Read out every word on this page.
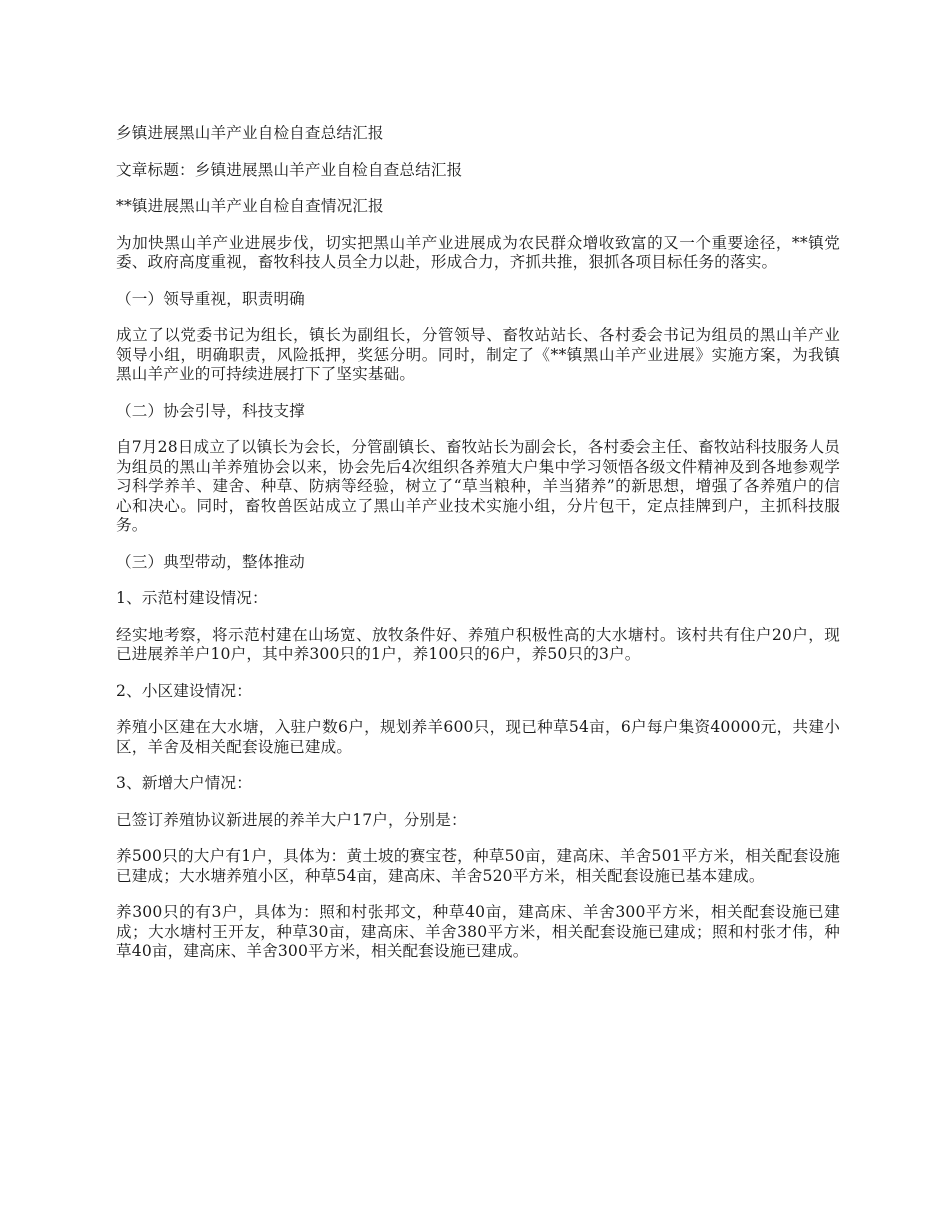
乡镇进展黑山羊产业自检自查总结汇报

文章标题：乡镇进展黑山羊产业自检自查总结汇报

**镇进展黑山羊产业自检自查情况汇报

为加快黑山羊产业进展步伐，切实把黑山羊产业进展成为农民群众增收致富的又一个重要途径，**镇党委、政府高度重视，畜牧科技人员全力以赴，形成合力，齐抓共推，狠抓各项目标任务的落实。

（一）领导重视，职责明确

成立了以党委书记为组长，镇长为副组长，分管领导、畜牧站站长、各村委会书记为组员的黑山羊产业领导小组，明确职责，风险抵押，奖惩分明。同时，制定了《**镇黑山羊产业进展》实施方案，为我镇黑山羊产业的可持续进展打下了坚实基础。

（二）协会引导，科技支撑

自7月28日成立了以镇长为会长，分管副镇长、畜牧站长为副会长，各村委会主任、畜牧站科技服务人员为组员的黑山羊养殖协会以来，协会先后4次组织各养殖大户集中学习领悟各级文件精神及到各地参观学习科学养羊、建舍、种草、防病等经验，树立了“草当粮种，羊当猪养”的新思想，增强了各养殖户的信心和决心。同时，畜牧兽医站成立了黑山羊产业技术实施小组，分片包干，定点挂牌到户，主抓科技服务。

（三）典型带动，整体推动

1、示范村建设情况：

经实地考察，将示范村建在山场宽、放牧条件好、养殖户积极性高的大水塘村。该村共有住户20户，现已进展养羊户10户，其中养300只的1户，养100只的6户，养50只的3户。

2、小区建设情况：

养殖小区建在大水塘，入驻户数6户，规划养羊600只，现已种草54亩，6户每户集资40000元，共建小区，羊舍及相关配套设施已建成。

3、新增大户情况：

已签订养殖协议新进展的养羊大户17户，分别是：

养500只的大户有1户，具体为：黄土坡的赛宝苍，种草50亩，建高床、羊舍501平方米，相关配套设施已建成；大水塘养殖小区，种草54亩，建高床、羊舍520平方米，相关配套设施已基本建成。

养300只的有3户，具体为：照和村张邦文，种草40亩，建高床、羊舍300平方米，相关配套设施已建成；大水塘村王开友，种草30亩，建高床、羊舍380平方米，相关配套设施已建成；照和村张才伟，种草40亩，建高床、羊舍300平方米，相关配套设施已建成。
